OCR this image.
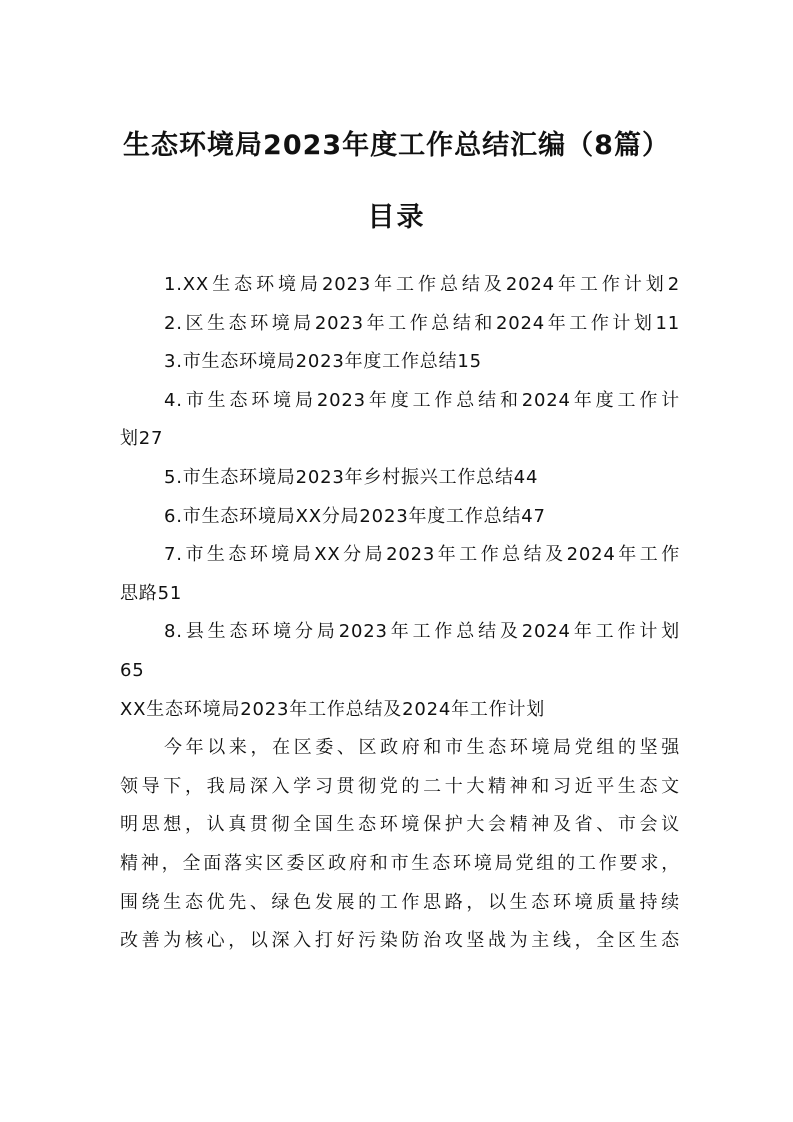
生态环境局2023年度工作总结汇编（8篇）
目录
1.XX生态环境局2023年工作总结及2024年工作计划2
2.区生态环境局2023年工作总结和2024年工作计划11
3.市生态环境局2023年度工作总结15
4.市生态环境局2023年度工作总结和2024年度工作计
划27
5.市生态环境局2023年乡村振兴工作总结44
6.市生态环境局XX分局2023年度工作总结47
7.市生态环境局XX分局2023年工作总结及2024年工作
思路51
8.县生态环境分局2023年工作总结及2024年工作计划
65
XX生态环境局2023年工作总结及2024年工作计划
今年以来，在区委、区政府和市生态环境局党组的坚强
领导下，我局深入学习贯彻党的二十大精神和习近平生态文
明思想，认真贯彻全国生态环境保护大会精神及省、市会议
精神，全面落实区委区政府和市生态环境局党组的工作要求，
围绕生态优先、绿色发展的工作思路，以生态环境质量持续
改善为核心，以深入打好污染防治攻坚战为主线，全区生态
